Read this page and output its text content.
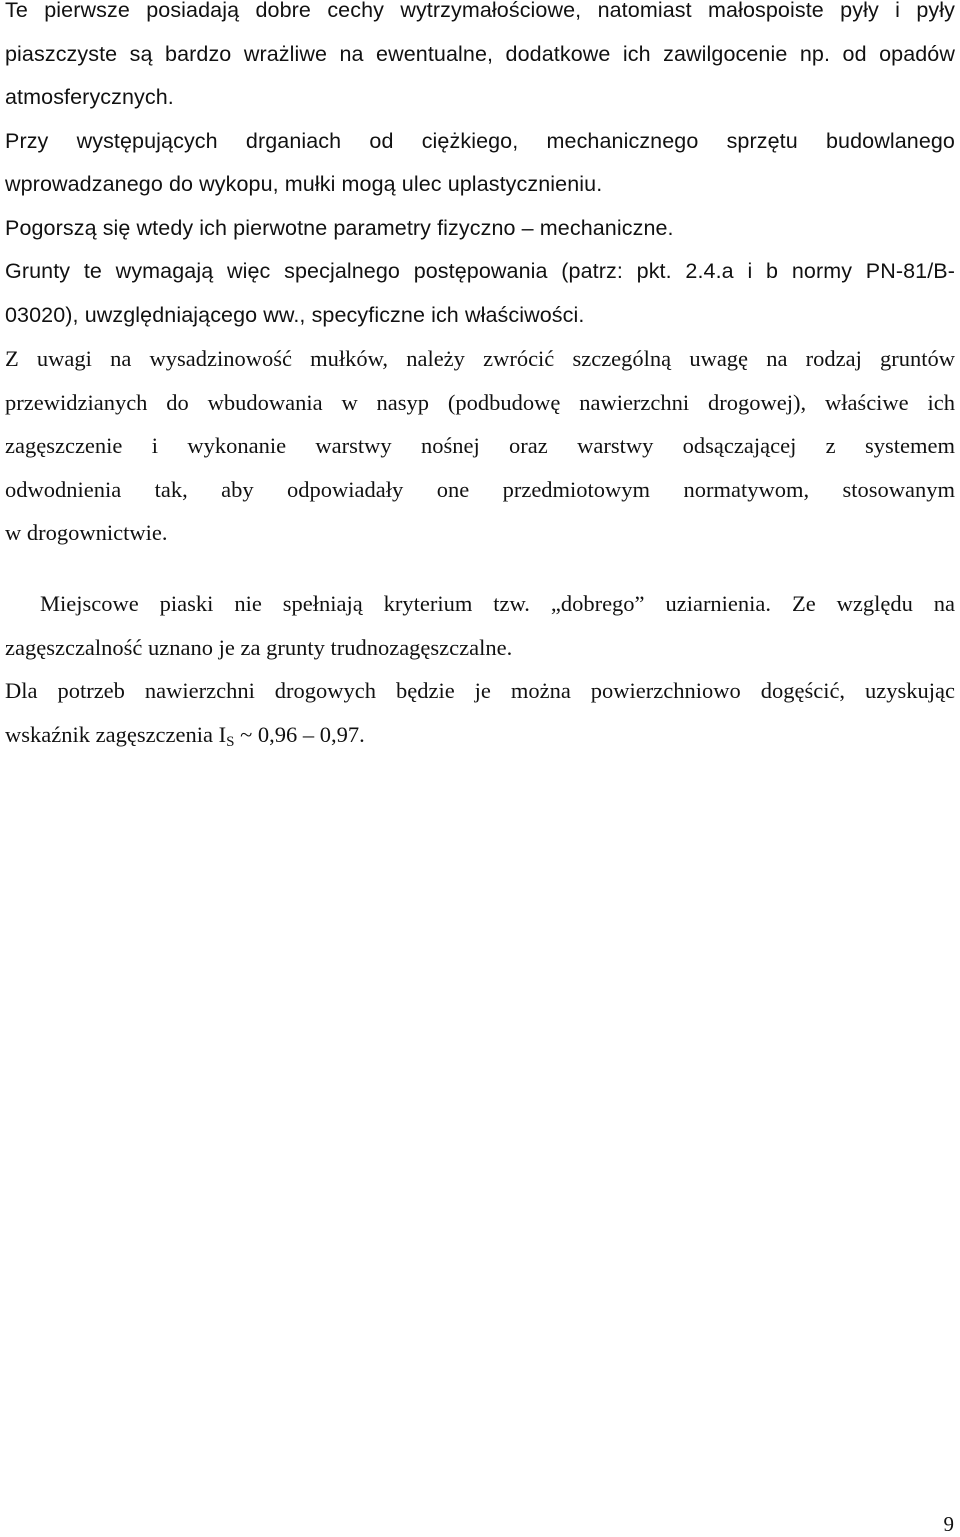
Te pierwsze posiadają dobre cechy wytrzymałościowe, natomiast małospoiste pyły i pyły
piaszczyste są bardzo wrażliwe na ewentualne, dodatkowe ich zawilgocenie np. od opadów
atmosferycznych.
Przy występujących drganiach od ciężkiego, mechanicznego sprzętu budowlanego
wprowadzanego do wykopu, mułki mogą ulec uplastycznieniu.
Pogorszą się wtedy ich pierwotne parametry fizyczno – mechaniczne.
Grunty te wymagają więc specjalnego postępowania (patrz: pkt. 2.4.a i b normy PN-81/B-
03020), uwzględniającego ww., specyficzne ich właściwości.
Z uwagi na wysadzinowość mułków, należy zwrócić szczególną uwagę na rodzaj gruntów
przewidzianych do wbudowania w nasyp (podbudowę nawierzchni drogowej), właściwe ich
zagęszczenie i wykonanie warstwy nośnej oraz warstwy odsączającej z systemem
odwodnienia tak, aby odpowiadały one przedmiotowym normatywom, stosowanym
w drogownictwie.
Miejscowe piaski nie spełniają kryterium tzw. „dobrego” uziarnienia. Ze względu na
zagęszczalność uznano je za grunty trudnozagęszczalne.
Dla potrzeb nawierzchni drogowych będzie je można powierzchniowo dogęścić, uzyskując
wskaźnik zagęszczenia $I_S$ ~ 0,96 – 0,97.
9
